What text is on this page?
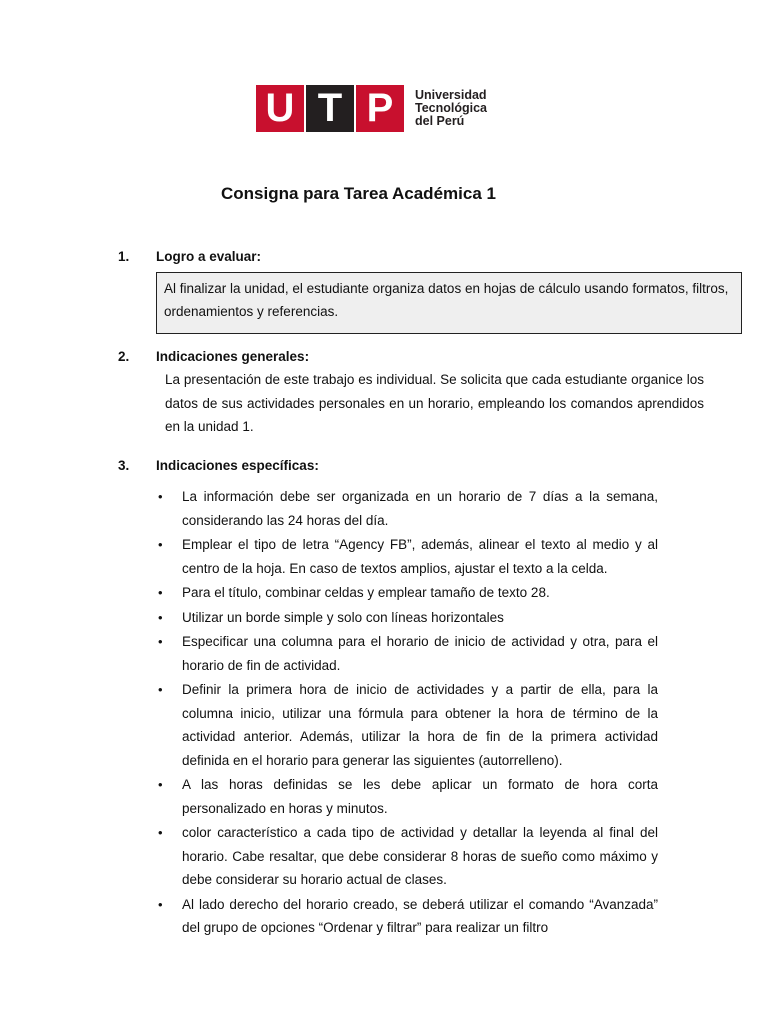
U T P	Universidad
Tecnológica
del Perú
Consigna para Tarea Académica 1
1. Logro a evaluar:
Al finalizar la unidad, el estudiante organiza datos en hojas de cálculo usando formatos, filtros, ordenamientos y referencias.
2. Indicaciones generales:
La presentación de este trabajo es individual. Se solicita que cada estudiante organice los datos de sus actividades personales en un horario, empleando los comandos aprendidos en la unidad 1.
3. Indicaciones específicas:
• La información debe ser organizada en un horario de 7 días a la semana, considerando las 24 horas del día.
• Emplear el tipo de letra “Agency FB”, además, alinear el texto al medio y al centro de la hoja. En caso de textos amplios, ajustar el texto a la celda.
• Para el título, combinar celdas y emplear tamaño de texto 28.
• Utilizar un borde simple y solo con líneas horizontales
• Especificar una columna para el horario de inicio de actividad y otra, para el horario de fin de actividad.
• Definir la primera hora de inicio de actividades y a partir de ella, para la columna inicio, utilizar una fórmula para obtener la hora de término de la actividad anterior. Además, utilizar la hora de fin de la primera actividad definida en el horario para generar las siguientes (autorrelleno).
• A las horas definidas se les debe aplicar un formato de hora corta personalizado en horas y minutos.
• color característico a cada tipo de actividad y detallar la leyenda al final del horario. Cabe resaltar, que debe considerar 8 horas de sueño como máximo y debe considerar su horario actual de clases.
• Al lado derecho del horario creado, se deberá utilizar el comando “Avanzada” del grupo de opciones “Ordenar y filtrar” para realizar un filtro
